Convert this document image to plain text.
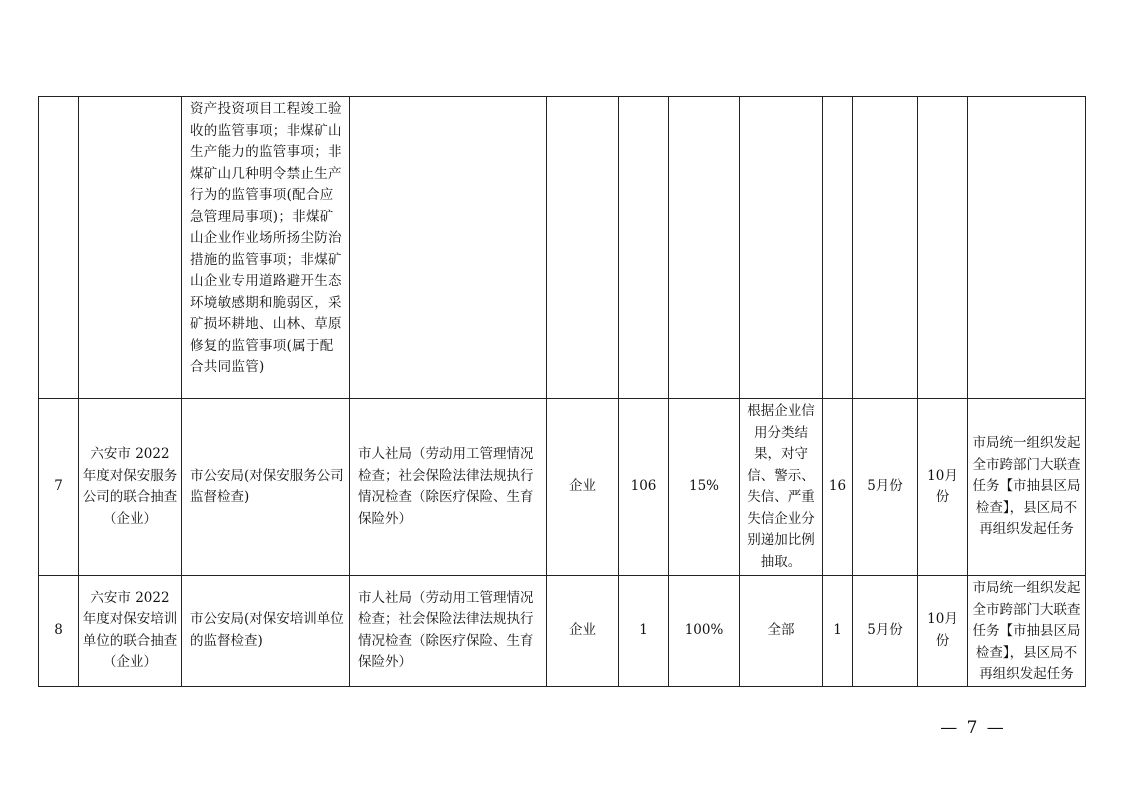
		资产投资项目工程竣工验收的监管事项；非煤矿山生产能力的监管事项；非煤矿山几种明令禁止生产行为的监管事项(配合应急管理局事项)；非煤矿山企业作业场所扬尘防治措施的监管事项；非煤矿山企业专用道路避开生态环境敏感期和脆弱区，采矿损坏耕地、山林、草原修复的监管事项(属于配合共同监管)									
7	六安市 2022 年度对保安服务公司的联合抽查（企业）	市公安局(对保安服务公司监督检查)	市人社局（劳动用工管理情况检查；社会保险法律法规执行情况检查（除医疗保险、生育保险外）	企业	106	15%	根据企业信用分类结果，对守信、警示、失信、严重失信企业分别递加比例抽取。	16	5月份	10月份	市局统一组织发起全市跨部门大联查任务【市抽县区局检查】，县区局不再组织发起任务
8	六安市 2022 年度对保安培训单位的联合抽查（企业）	市公安局(对保安培训单位的监督检查)	市人社局（劳动用工管理情况检查；社会保险法律法规执行情况检查（除医疗保险、生育保险外）	企业	1	100%	全部	1	5月份	10月份	市局统一组织发起全市跨部门大联查任务【市抽县区局检查】，县区局不再组织发起任务
— 7 —
